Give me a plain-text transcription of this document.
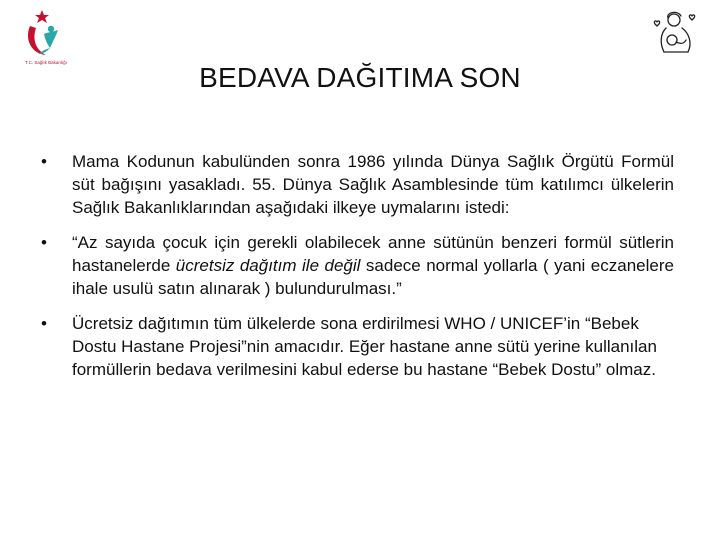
T.C. Sağlık Bakanlığı	BEDAVA DAĞITIMA SON
• Mama Kodunun kabulünden sonra 1986 yılında Dünya Sağlık Örgütü Formül süt bağışını yasakladı. 55. Dünya Sağlık Asamblesinde tüm katılımcı ülkelerin Sağlık Bakanlıklarından aşağıdaki ilkeye uymalarını istedi:
• “Az sayıda çocuk için gerekli olabilecek anne sütünün benzeri formül sütlerin hastanelerde ücretsiz dağıtım ile değil sadece normal yollarla ( yani eczanelere ihale usulü satın alınarak ) bulundurulması.”
• Ücretsiz dağıtımın tüm ülkelerde sona erdirilmesi WHO / UNICEF’in “Bebek Dostu Hastane Projesi”nin amacıdır. Eğer hastane anne sütü yerine kullanılan formüllerin bedava verilmesini kabul ederse bu hastane “Bebek Dostu” olmaz.
